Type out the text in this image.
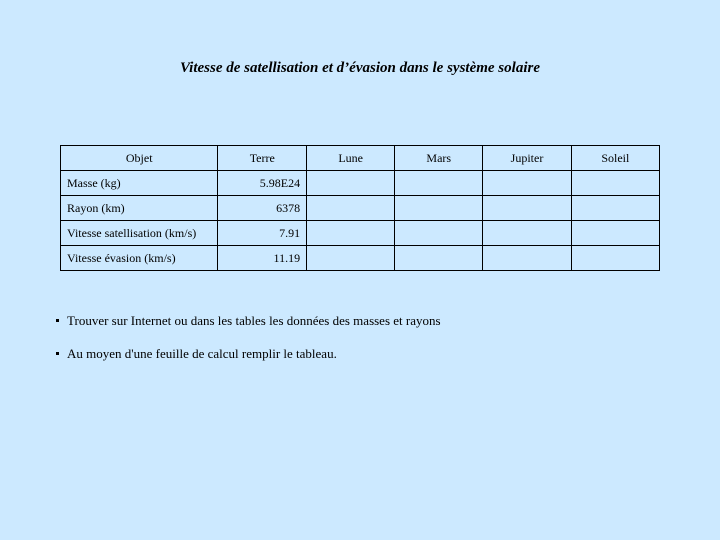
Vitesse de satellisation et d’évasion dans le système solaire
Objet	Terre	Lune	Mars	Jupiter	Soleil
Masse (kg)	5.98E24				
Rayon (km)	6378				
Vitesse satellisation (km/s)	7.91				
Vitesse évasion (km/s)	11.19				
Trouver sur Internet ou dans les tables les données des masses et rayons
Au moyen d'une feuille de calcul remplir le tableau.
